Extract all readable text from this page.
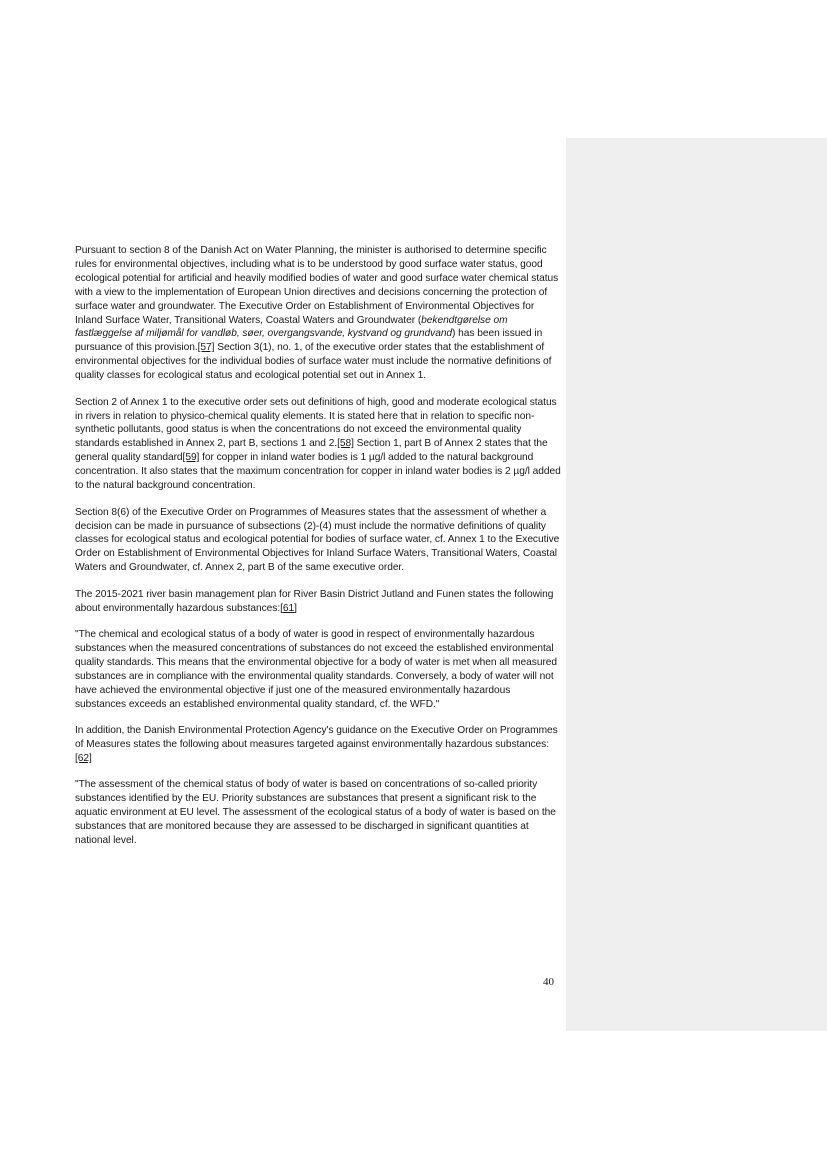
Pursuant to section 8 of the Danish Act on Water Planning, the minister is authorised to determine specific rules for environmental objectives, including what is to be understood by good surface water status, good ecological potential for artificial and heavily modified bodies of water and good surface water chemical status with a view to the implementation of European Union directives and decisions concerning the protection of surface water and groundwater. The Executive Order on Establishment of Environmental Objectives for Inland Surface Water, Transitional Waters, Coastal Waters and Groundwater (bekendtgørelse om fastlæggelse af miljømål for vandløb, søer, overgangsvande, kystvand og grundvand) has been issued in pursuance of this provision.[57] Section 3(1), no. 1, of the executive order states that the establishment of environmental objectives for the individual bodies of surface water must include the normative definitions of quality classes for ecological status and ecological potential set out in Annex 1.

Section 2 of Annex 1 to the executive order sets out definitions of high, good and moderate ecological status in rivers in relation to physico-chemical quality elements. It is stated here that in relation to specific non-synthetic pollutants, good status is when the concentrations do not exceed the environmental quality standards established in Annex 2, part B, sections 1 and 2.[58] Section 1, part B of Annex 2 states that the general quality standard[59] for copper in inland water bodies is 1 µg/l added to the natural background concentration. It also states that the maximum concentration for copper in inland water bodies is 2 µg/l added to the natural background concentration.

Section 8(6) of the Executive Order on Programmes of Measures states that the assessment of whether a decision can be made in pursuance of subsections (2)-(4) must include the normative definitions of quality classes for ecological status and ecological potential for bodies of surface water, cf. Annex 1 to the Executive Order on Establishment of Environmental Objectives for Inland Surface Waters, Transitional Waters, Coastal Waters and Groundwater, cf. Annex 2, part B of the same executive order.

The 2015-2021 river basin management plan for River Basin District Jutland and Funen states the following about environmentally hazardous substances:[61]

"The chemical and ecological status of a body of water is good in respect of environmentally hazardous substances when the measured concentrations of substances do not exceed the established environmental quality standards. This means that the environmental objective for a body of water is met when all measured substances are in compliance with the environmental quality standards. Conversely, a body of water will not have achieved the environmental objective if just one of the measured environmentally hazardous substances exceeds an established environmental quality standard, cf. the WFD."

In addition, the Danish Environmental Protection Agency's guidance on the Executive Order on Programmes of Measures states the following about measures targeted against environmentally hazardous substances:[62]

"The assessment of the chemical status of body of water is based on concentrations of so-called priority substances identified by the EU. Priority substances are substances that present a significant risk to the aquatic environment at EU level. The assessment of the ecological status of a body of water is based on the substances that are monitored because they are assessed to be discharged in significant quantities at national level.

40
